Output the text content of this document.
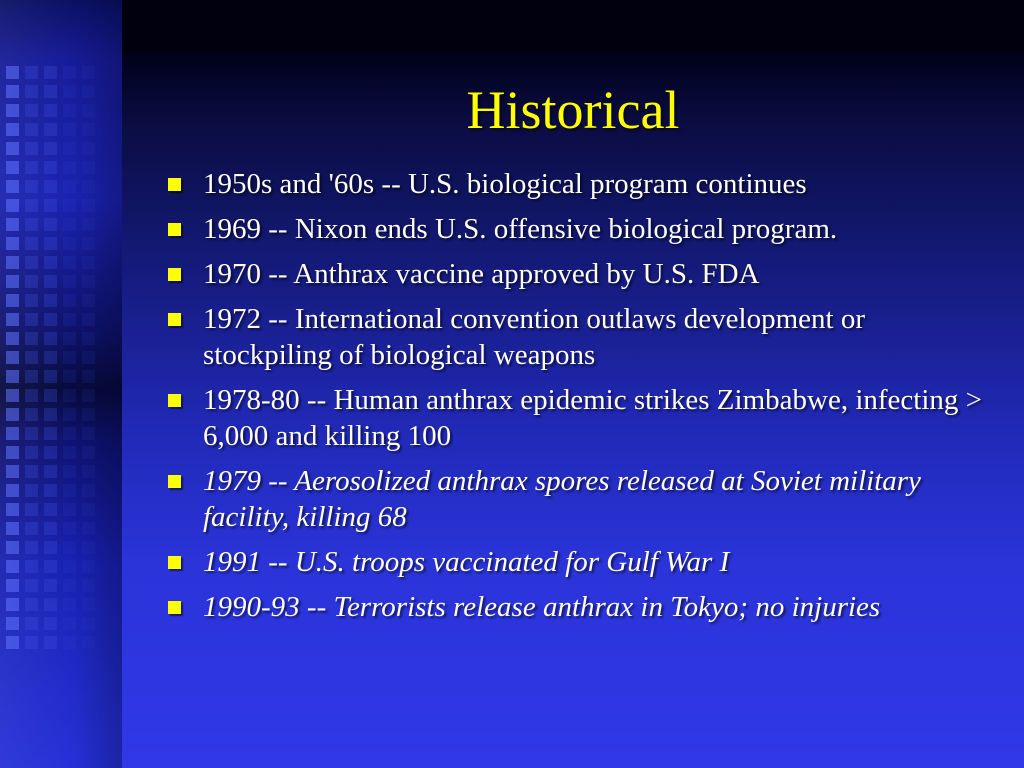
Historical
1950s and '60s -- U.S. biological program continues
1969 -- Nixon ends U.S. offensive biological program.
1970 -- Anthrax vaccine approved by U.S. FDA
1972 -- International convention outlaws development or stockpiling of biological weapons
1978-80 -- Human anthrax epidemic strikes Zimbabwe, infecting > 6,000 and killing 100
1979 -- Aerosolized anthrax spores released at Soviet military facility, killing 68
1991 -- U.S. troops vaccinated for Gulf War I
1990-93 -- Terrorists release anthrax in Tokyo; no injuries
